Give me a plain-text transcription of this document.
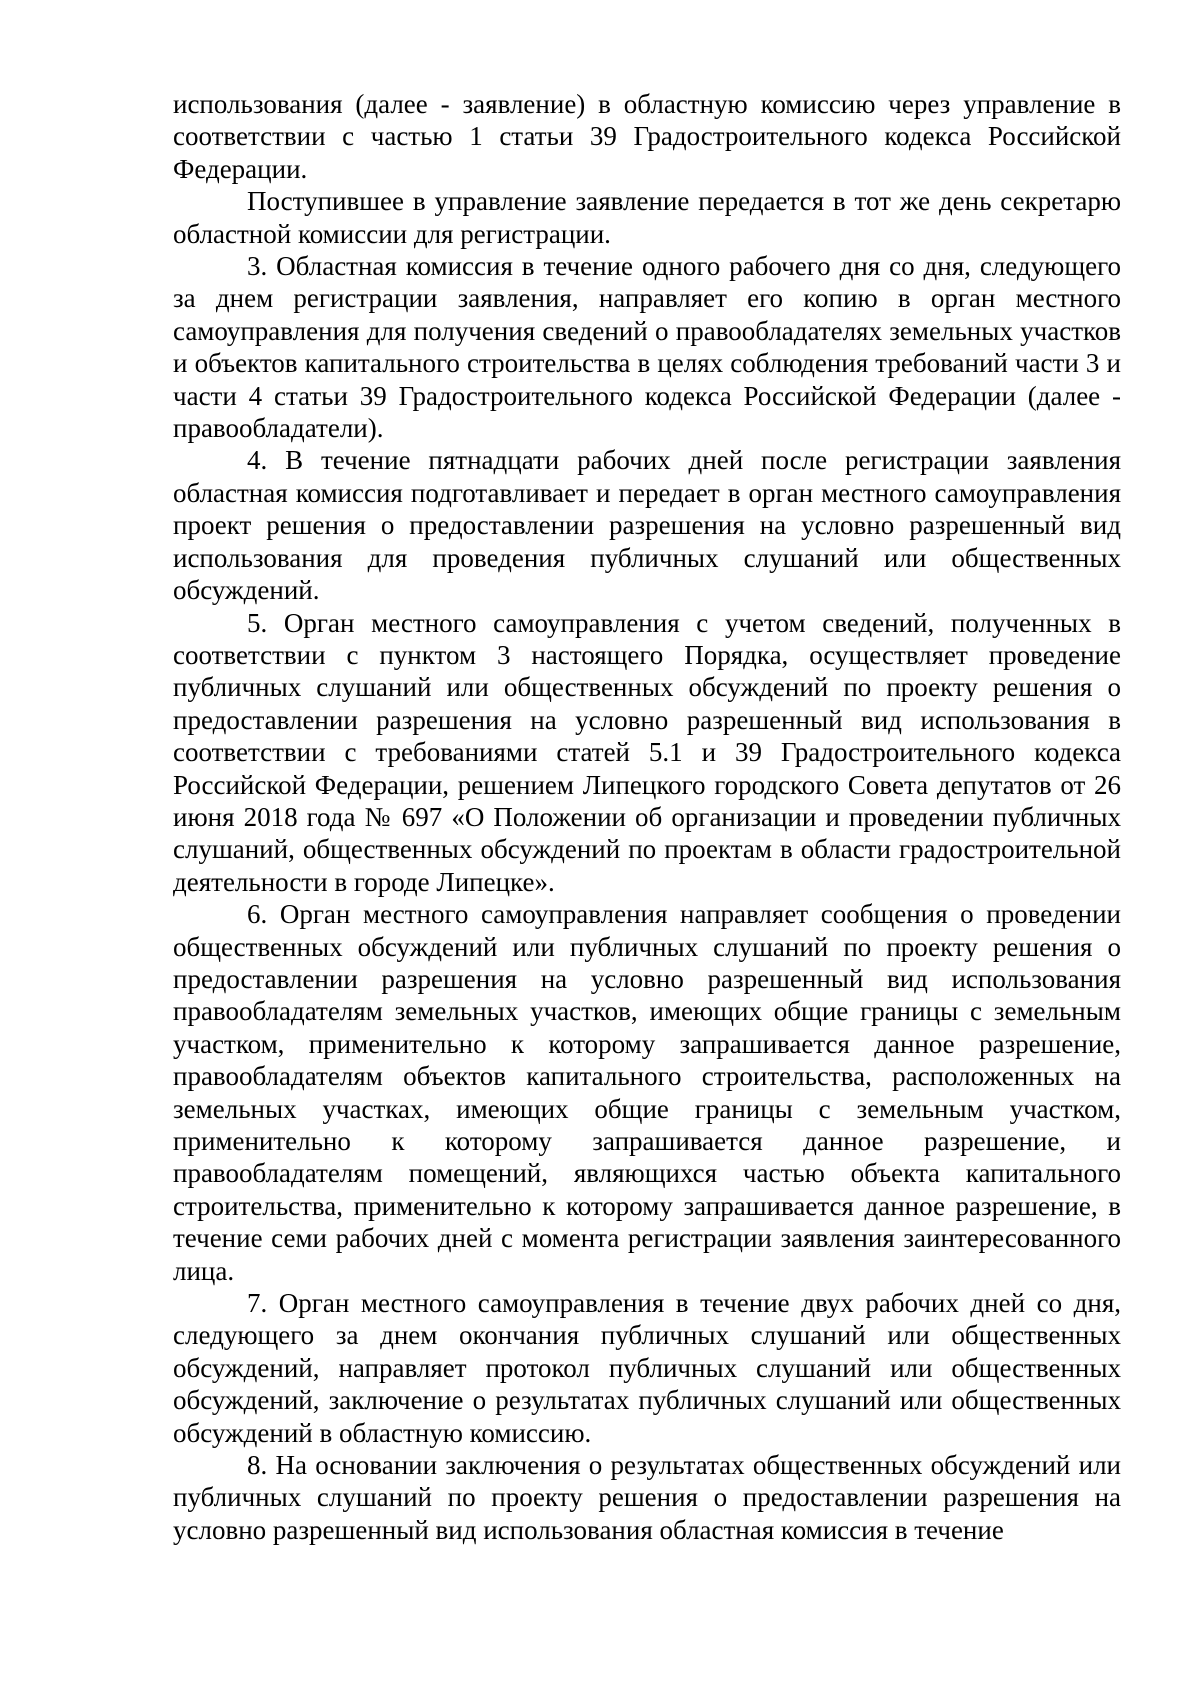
использования (далее - заявление) в областную комиссию через управление в соответствии с частью 1 статьи 39 Градостроительного кодекса Российской Федерации.

Поступившее в управление заявление передается в тот же день секретарю областной комиссии для регистрации.

3. Областная комиссия в течение одного рабочего дня со дня, следующего за днем регистрации заявления, направляет его копию в орган местного самоуправления для получения сведений о правообладателях земельных участков и объектов капитального строительства в целях соблюдения требований части 3 и части 4 статьи 39 Градостроительного кодекса Российской Федерации (далее - правообладатели).

4. В течение пятнадцати рабочих дней после регистрации заявления областная комиссия подготавливает и передает в орган местного самоуправления проект решения о предоставлении разрешения на условно разрешенный вид использования для проведения публичных слушаний или общественных обсуждений.

5. Орган местного самоуправления с учетом сведений, полученных в соответствии с пунктом 3 настоящего Порядка, осуществляет проведение публичных слушаний или общественных обсуждений по проекту решения о предоставлении разрешения на условно разрешенный вид использования в соответствии с требованиями статей 5.1 и 39 Градостроительного кодекса Российской Федерации, решением Липецкого городского Совета депутатов от 26 июня 2018 года № 697 «О Положении об организации и проведении публичных слушаний, общественных обсуждений по проектам в области градостроительной деятельности в городе Липецке».

6. Орган местного самоуправления направляет сообщения о проведении общественных обсуждений или публичных слушаний по проекту решения о предоставлении разрешения на условно разрешенный вид использования правообладателям земельных участков, имеющих общие границы с земельным участком, применительно к которому запрашивается данное разрешение, правообладателям объектов капитального строительства, расположенных на земельных участках, имеющих общие границы с земельным участком, применительно к которому запрашивается данное разрешение, и правообладателям помещений, являющихся частью объекта капитального строительства, применительно к которому запрашивается данное разрешение, в течение семи рабочих дней с момента регистрации заявления заинтересованного лица.

7. Орган местного самоуправления в течение двух рабочих дней со дня, следующего за днем окончания публичных слушаний или общественных обсуждений, направляет протокол публичных слушаний или общественных обсуждений, заключение о результатах публичных слушаний или общественных обсуждений в областную комиссию.

8. На основании заключения о результатах общественных обсуждений или публичных слушаний по проекту решения о предоставлении разрешения на условно разрешенный вид использования областная комиссия в течение
